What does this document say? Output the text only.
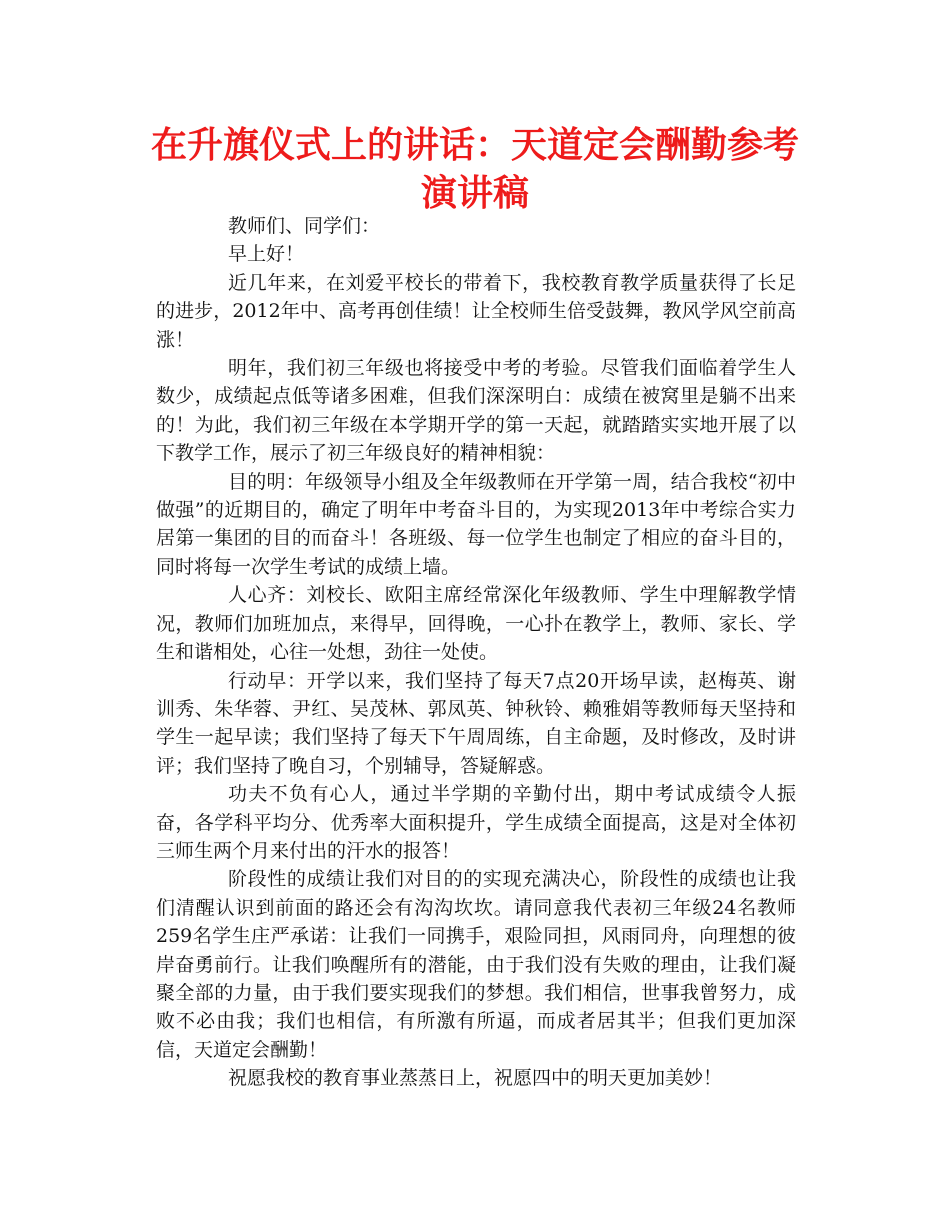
在升旗仪式上的讲话：天道定会酬勤参考演讲稿

教师们、同学们：

早上好！

近几年来，在刘爱平校长的带着下，我校教育教学质量获得了长足的进步，2012年中、高考再创佳绩！让全校师生倍受鼓舞，教风学风空前高涨！

明年，我们初三年级也将接受中考的考验。尽管我们面临着学生人数少，成绩起点低等诸多困难，但我们深深明白：成绩在被窝里是躺不出来的！为此，我们初三年级在本学期开学的第一天起，就踏踏实实地开展了以下教学工作，展示了初三年级良好的精神相貌：

目的明：年级领导小组及全年级教师在开学第一周，结合我校“初中做强”的近期目的，确定了明年中考奋斗目的，为实现2013年中考综合实力居第一集团的目的而奋斗！各班级、每一位学生也制定了相应的奋斗目的，同时将每一次学生考试的成绩上墙。

人心齐：刘校长、欧阳主席经常深化年级教师、学生中理解教学情况，教师们加班加点，来得早，回得晚，一心扑在教学上，教师、家长、学生和谐相处，心往一处想，劲往一处使。

行动早：开学以来，我们坚持了每天7点20开场早读，赵梅英、谢训秀、朱华蓉、尹红、吴茂林、郭凤英、钟秋铃、赖雅娟等教师每天坚持和学生一起早读；我们坚持了每天下午周周练，自主命题，及时修改，及时讲评；我们坚持了晚自习，个别辅导，答疑解惑。

功夫不负有心人，通过半学期的辛勤付出，期中考试成绩令人振奋，各学科平均分、优秀率大面积提升，学生成绩全面提高，这是对全体初三师生两个月来付出的汗水的报答！

阶段性的成绩让我们对目的的实现充满决心，阶段性的成绩也让我们清醒认识到前面的路还会有沟沟坎坎。请同意我代表初三年级24名教师259名学生庄严承诺：让我们一同携手，艰险同担，风雨同舟，向理想的彼岸奋勇前行。让我们唤醒所有的潜能，由于我们没有失败的理由，让我们凝聚全部的力量，由于我们要实现我们的梦想。我们相信，世事我曾努力，成败不必由我；我们也相信，有所激有所逼，而成者居其半；但我们更加深信，天道定会酬勤！

祝愿我校的教育事业蒸蒸日上，祝愿四中的明天更加美妙！
